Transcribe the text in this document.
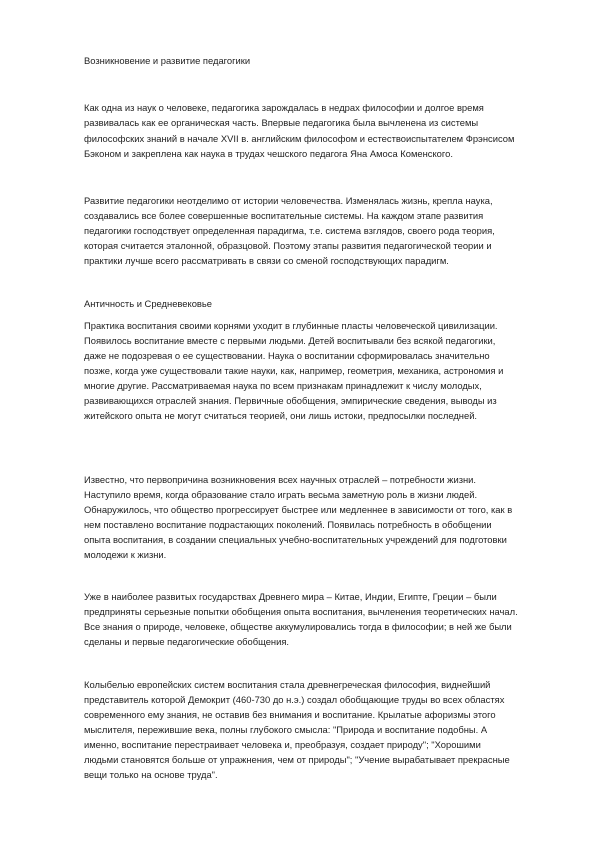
Возникновение и развитие педагогики
Как одна из наук о человеке, педагогика зарождалась в недрах философии и долгое время
развивалась как ее органическая часть. Впервые педагогика была вычленена из системы
философских знаний в начале XVII в. английским философом и естествоиспытателем Фрэнсисом
Бэконом и закреплена как наука в трудах чешского педагога Яна Амоса Коменского.
Развитие педагогики неотделимо от истории человечества. Изменялась жизнь, крепла наука,
создавались все более совершенные воспитательные системы. На каждом этапе развития
педагогики господствует определенная парадигма, т.е. система взглядов, своего рода теория,
которая считается эталонной, образцовой. Поэтому этапы развития педагогической теории и
практики лучше всего рассматривать в связи со сменой господствующих парадигм.
Античность и Средневековье
Практика воспитания своими корнями уходит в глубинные пласты человеческой цивилизации.
Появилось воспитание вместе с первыми людьми. Детей воспитывали без всякой педагогики,
даже не подозревая о ее существовании. Наука о воспитании сформировалась значительно
позже, когда уже существовали такие науки, как, например, геометрия, механика, астрономия и
многие другие. Рассматриваемая наука по всем признакам принадлежит к числу молодых,
развивающихся отраслей знания. Первичные обобщения, эмпирические сведения, выводы из
житейского опыта не могут считаться теорией, они лишь истоки, предпосылки последней.
Известно, что первопричина возникновения всех научных отраслей – потребности жизни.
Наступило время, когда образование стало играть весьма заметную роль в жизни людей.
Обнаружилось, что общество прогрессирует быстрее или медленнее в зависимости от того, как в
нем поставлено воспитание подрастающих поколений. Появилась потребность в обобщении
опыта воспитания, в создании специальных учебно-воспитательных учреждений для подготовки
молодежи к жизни.
Уже в наиболее развитых государствах Древнего мира – Китае, Индии, Египте, Греции – были
предприняты серьезные попытки обобщения опыта воспитания, вычленения теоретических начал.
Все знания о природе, человеке, обществе аккумулировались тогда в философии; в ней же были
сделаны и первые педагогические обобщения.
Колыбелью европейских систем воспитания стала древнегреческая философия, виднейший
представитель которой Демокрит (460-730 до н.э.) создал обобщающие труды во всех областях
современного ему знания, не оставив без внимания и воспитание. Крылатые афоризмы этого
мыслителя, пережившие века, полны глубокого смысла: "Природа и воспитание подобны. А
именно, воспитание перестраивает человека и, преобразуя, создает природу"; "Хорошими
людьми становятся больше от упражнения, чем от природы"; "Учение вырабатывает прекрасные
вещи только на основе труда".
